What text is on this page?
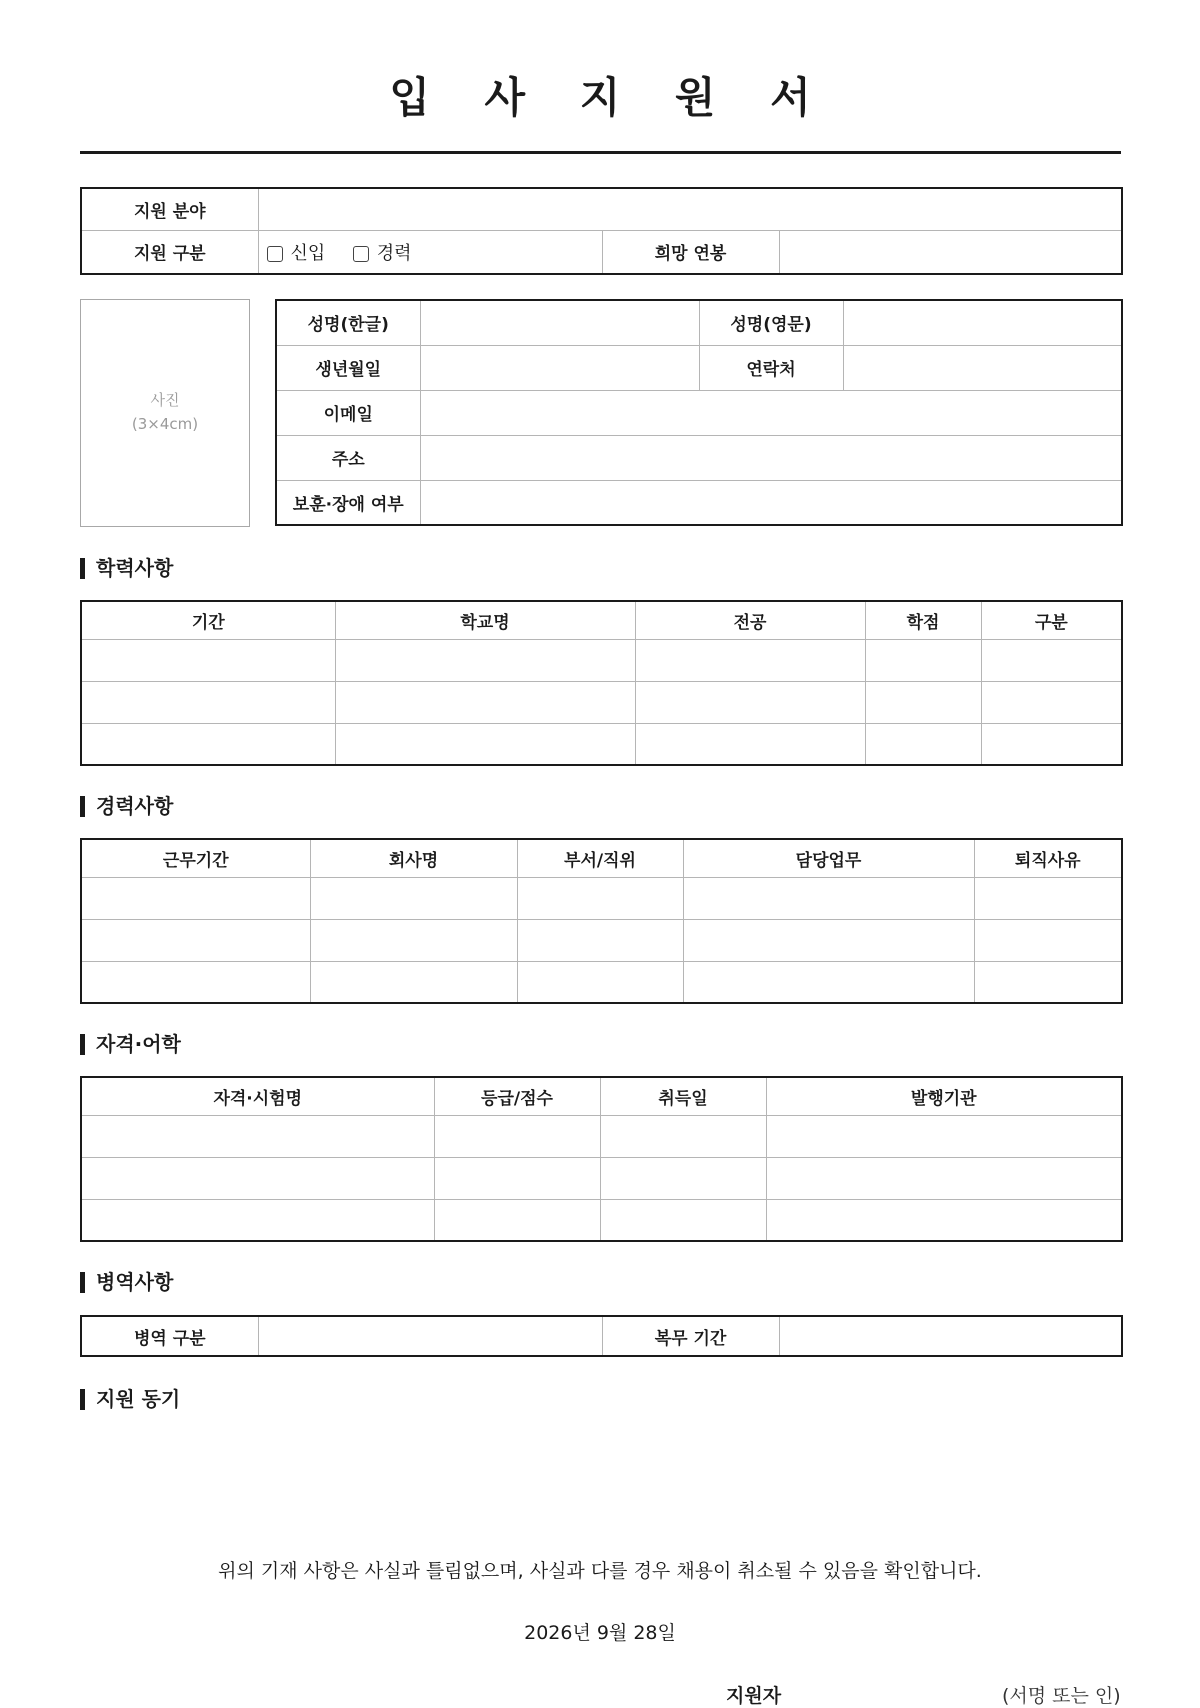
입 사 지 원 서
지원 분야			
지원 구분	신입 경력	희망 연봉	
사진
(3×4cm)
성명(한글)		성명(영문)	
생년월일		연락처	
이메일			
주소			
보훈·장애 여부			
학력사항
기간	학교명	전공	학점	구분

경력사항
근무기간	회사명	부서/직위	담당업무	퇴직사유

자격·어학
자격·시험명	등급/점수	취득일	발행기관

병역사항
병역 구분		복무 기간	
지원 동기
위의 기재 사항은 사실과 틀림없으며, 사실과 다를 경우 채용이 취소될 수 있음을 확인합니다.
2026년 9월 28일
지원자	(서명 또는 인)
